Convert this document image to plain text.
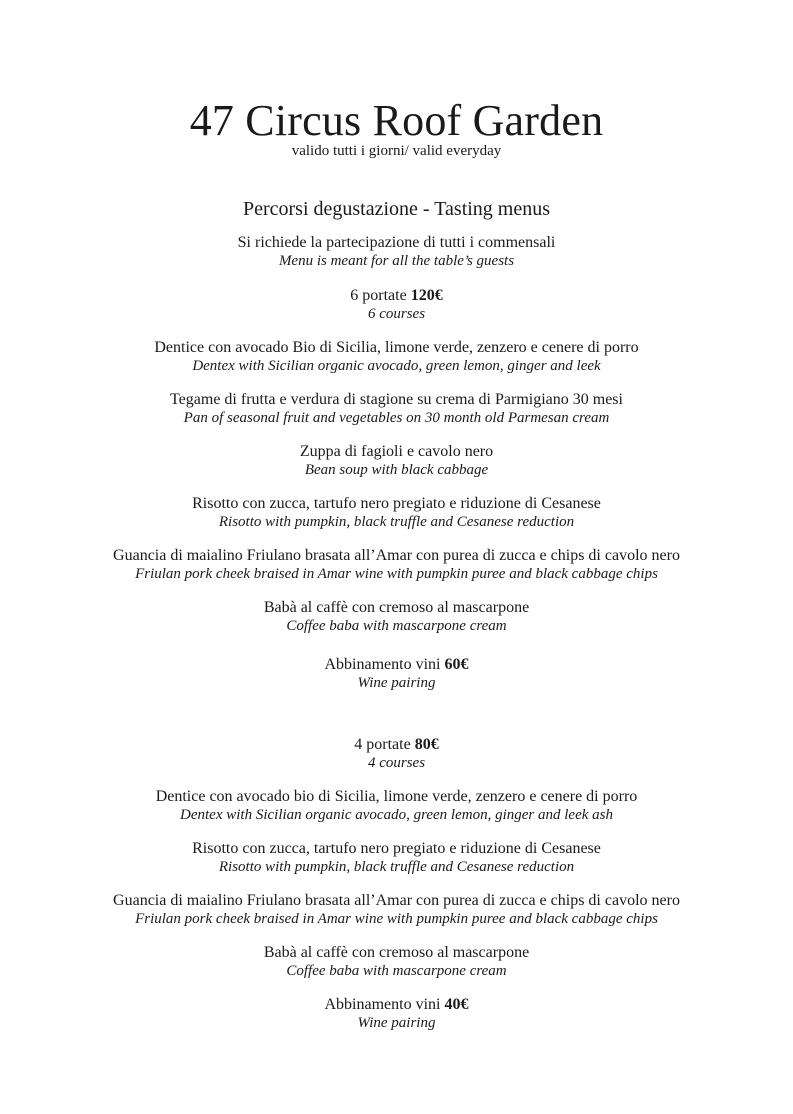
47 Circus Roof Garden
valido tutti i giorni/ valid everyday
Percorsi degustazione - Tasting menus
Si richiede la partecipazione di tutti i commensali
Menu is meant for all the table’s guests
6 portate 120€
6 courses
Dentice con avocado Bio di Sicilia, limone verde, zenzero e cenere di porro
Dentex with Sicilian organic avocado, green lemon, ginger and leek
Tegame di frutta e verdura di stagione su crema di Parmigiano 30 mesi
Pan of seasonal fruit and vegetables on 30 month old Parmesan cream
Zuppa di fagioli e cavolo nero
Bean soup with black cabbage
Risotto con zucca, tartufo nero pregiato e riduzione di Cesanese
Risotto with pumpkin, black truffle and Cesanese reduction
Guancia di maialino Friulano brasata all’Amar con purea di zucca e chips di cavolo nero
Friulan pork cheek braised in Amar wine with pumpkin puree and black cabbage chips
Babà al caffè con cremoso al mascarpone
Coffee baba with mascarpone cream
Abbinamento vini 60€
Wine pairing
4 portate 80€
4 courses
Dentice con avocado bio di Sicilia, limone verde, zenzero e cenere di porro
Dentex with Sicilian organic avocado, green lemon, ginger and leek ash
Risotto con zucca, tartufo nero pregiato e riduzione di Cesanese
Risotto with pumpkin, black truffle and Cesanese reduction
Guancia di maialino Friulano brasata all’Amar con purea di zucca e chips di cavolo nero
Friulan pork cheek braised in Amar wine with pumpkin puree and black cabbage chips
Babà al caffè con cremoso al mascarpone
Coffee baba with mascarpone cream
Abbinamento vini 40€
Wine pairing
